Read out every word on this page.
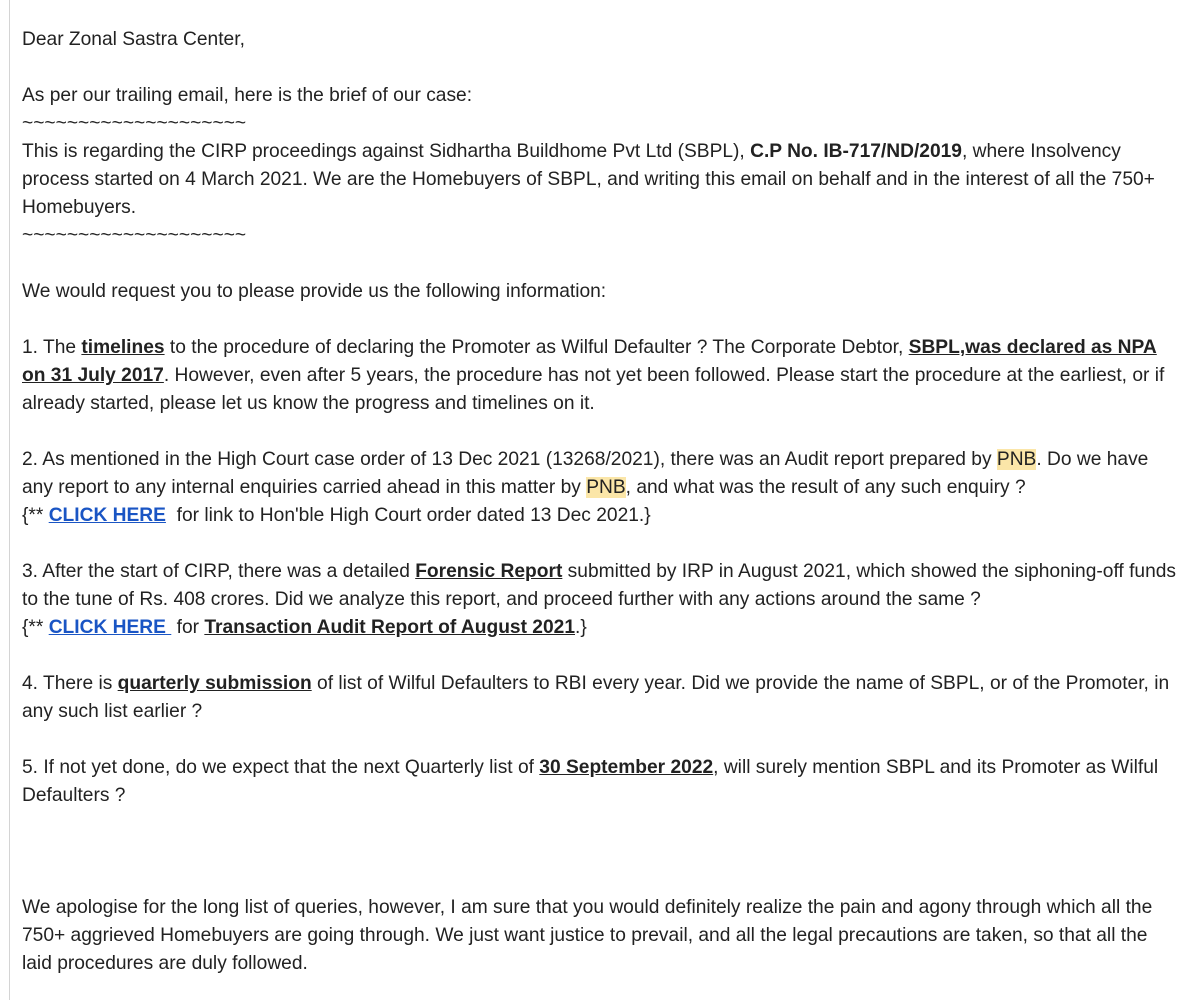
Dear Zonal Sastra Center,

As per our trailing email, here is the brief of our case:

~~~~~~~~~~~~~~~~~~~~

This is regarding the CIRP proceedings against Sidhartha Buildhome Pvt Ltd (SBPL), C.P No. IB-717/ND/2019, where Insolvency process started on 4 March 2021. We are the Homebuyers of SBPL, and writing this email on behalf and in the interest of all the 750+ Homebuyers.

~~~~~~~~~~~~~~~~~~~~

We would request you to please provide us the following information:

1. The timelines to the procedure of declaring the Promoter as Wilful Defaulter ? The Corporate Debtor, SBPL,was declared as NPA on 31 July 2017. However, even after 5 years, the procedure has not yet been followed. Please start the procedure at the earliest, or if already started, please let us know the progress and timelines on it.

2. As mentioned in the High Court case order of 13 Dec 2021 (13268/2021), there was an Audit report prepared by PNB. Do we have any report to any internal enquiries carried ahead in this matter by PNB, and what was the result of any such enquiry ?

{** CLICK HERE  for link to Hon'ble High Court order dated 13 Dec 2021.}

3. After the start of CIRP, there was a detailed Forensic Report submitted by IRP in August 2021, which showed the siphoning-off funds to the tune of Rs. 408 crores. Did we analyze this report, and proceed further with any actions around the same ?

{** CLICK HERE  for Transaction Audit Report of August 2021.}

4. There is quarterly submission of list of Wilful Defaulters to RBI every year. Did we provide the name of SBPL, or of the Promoter, in any such list earlier ?

5. If not yet done, do we expect that the next Quarterly list of 30 September 2022, will surely mention SBPL and its Promoter as Wilful Defaulters ?

We apologise for the long list of queries, however, I am sure that you would definitely realize the pain and agony through which all the 750+ aggrieved Homebuyers are going through. We just want justice to prevail, and all the legal precautions are taken, so that all the laid procedures are duly followed.
